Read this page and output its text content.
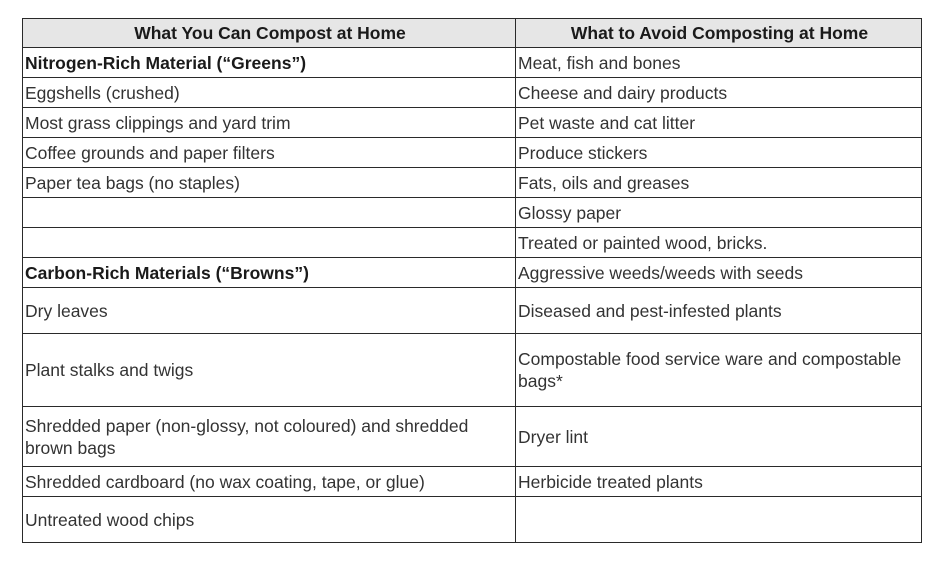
What You Can Compost at Home	What to Avoid Composting at Home
Nitrogen-Rich Material (“Greens”)	Meat, fish and bones
Eggshells (crushed)	Cheese and dairy products
Most grass clippings and yard trim	Pet waste and cat litter
Coffee grounds and paper filters	Produce stickers
Paper tea bags (no staples)	Fats, oils and greases
	Glossy paper
	Treated or painted wood, bricks.
Carbon-Rich Materials (“Browns”)	Aggressive weeds/weeds with seeds
Dry leaves	Diseased and pest-infested plants
Plant stalks and twigs	Compostable food service ware and compostable bags*
Shredded paper (non-glossy, not coloured) and shredded brown bags	Dryer lint
Shredded cardboard (no wax coating, tape, or glue)	Herbicide treated plants
Untreated wood chips	
